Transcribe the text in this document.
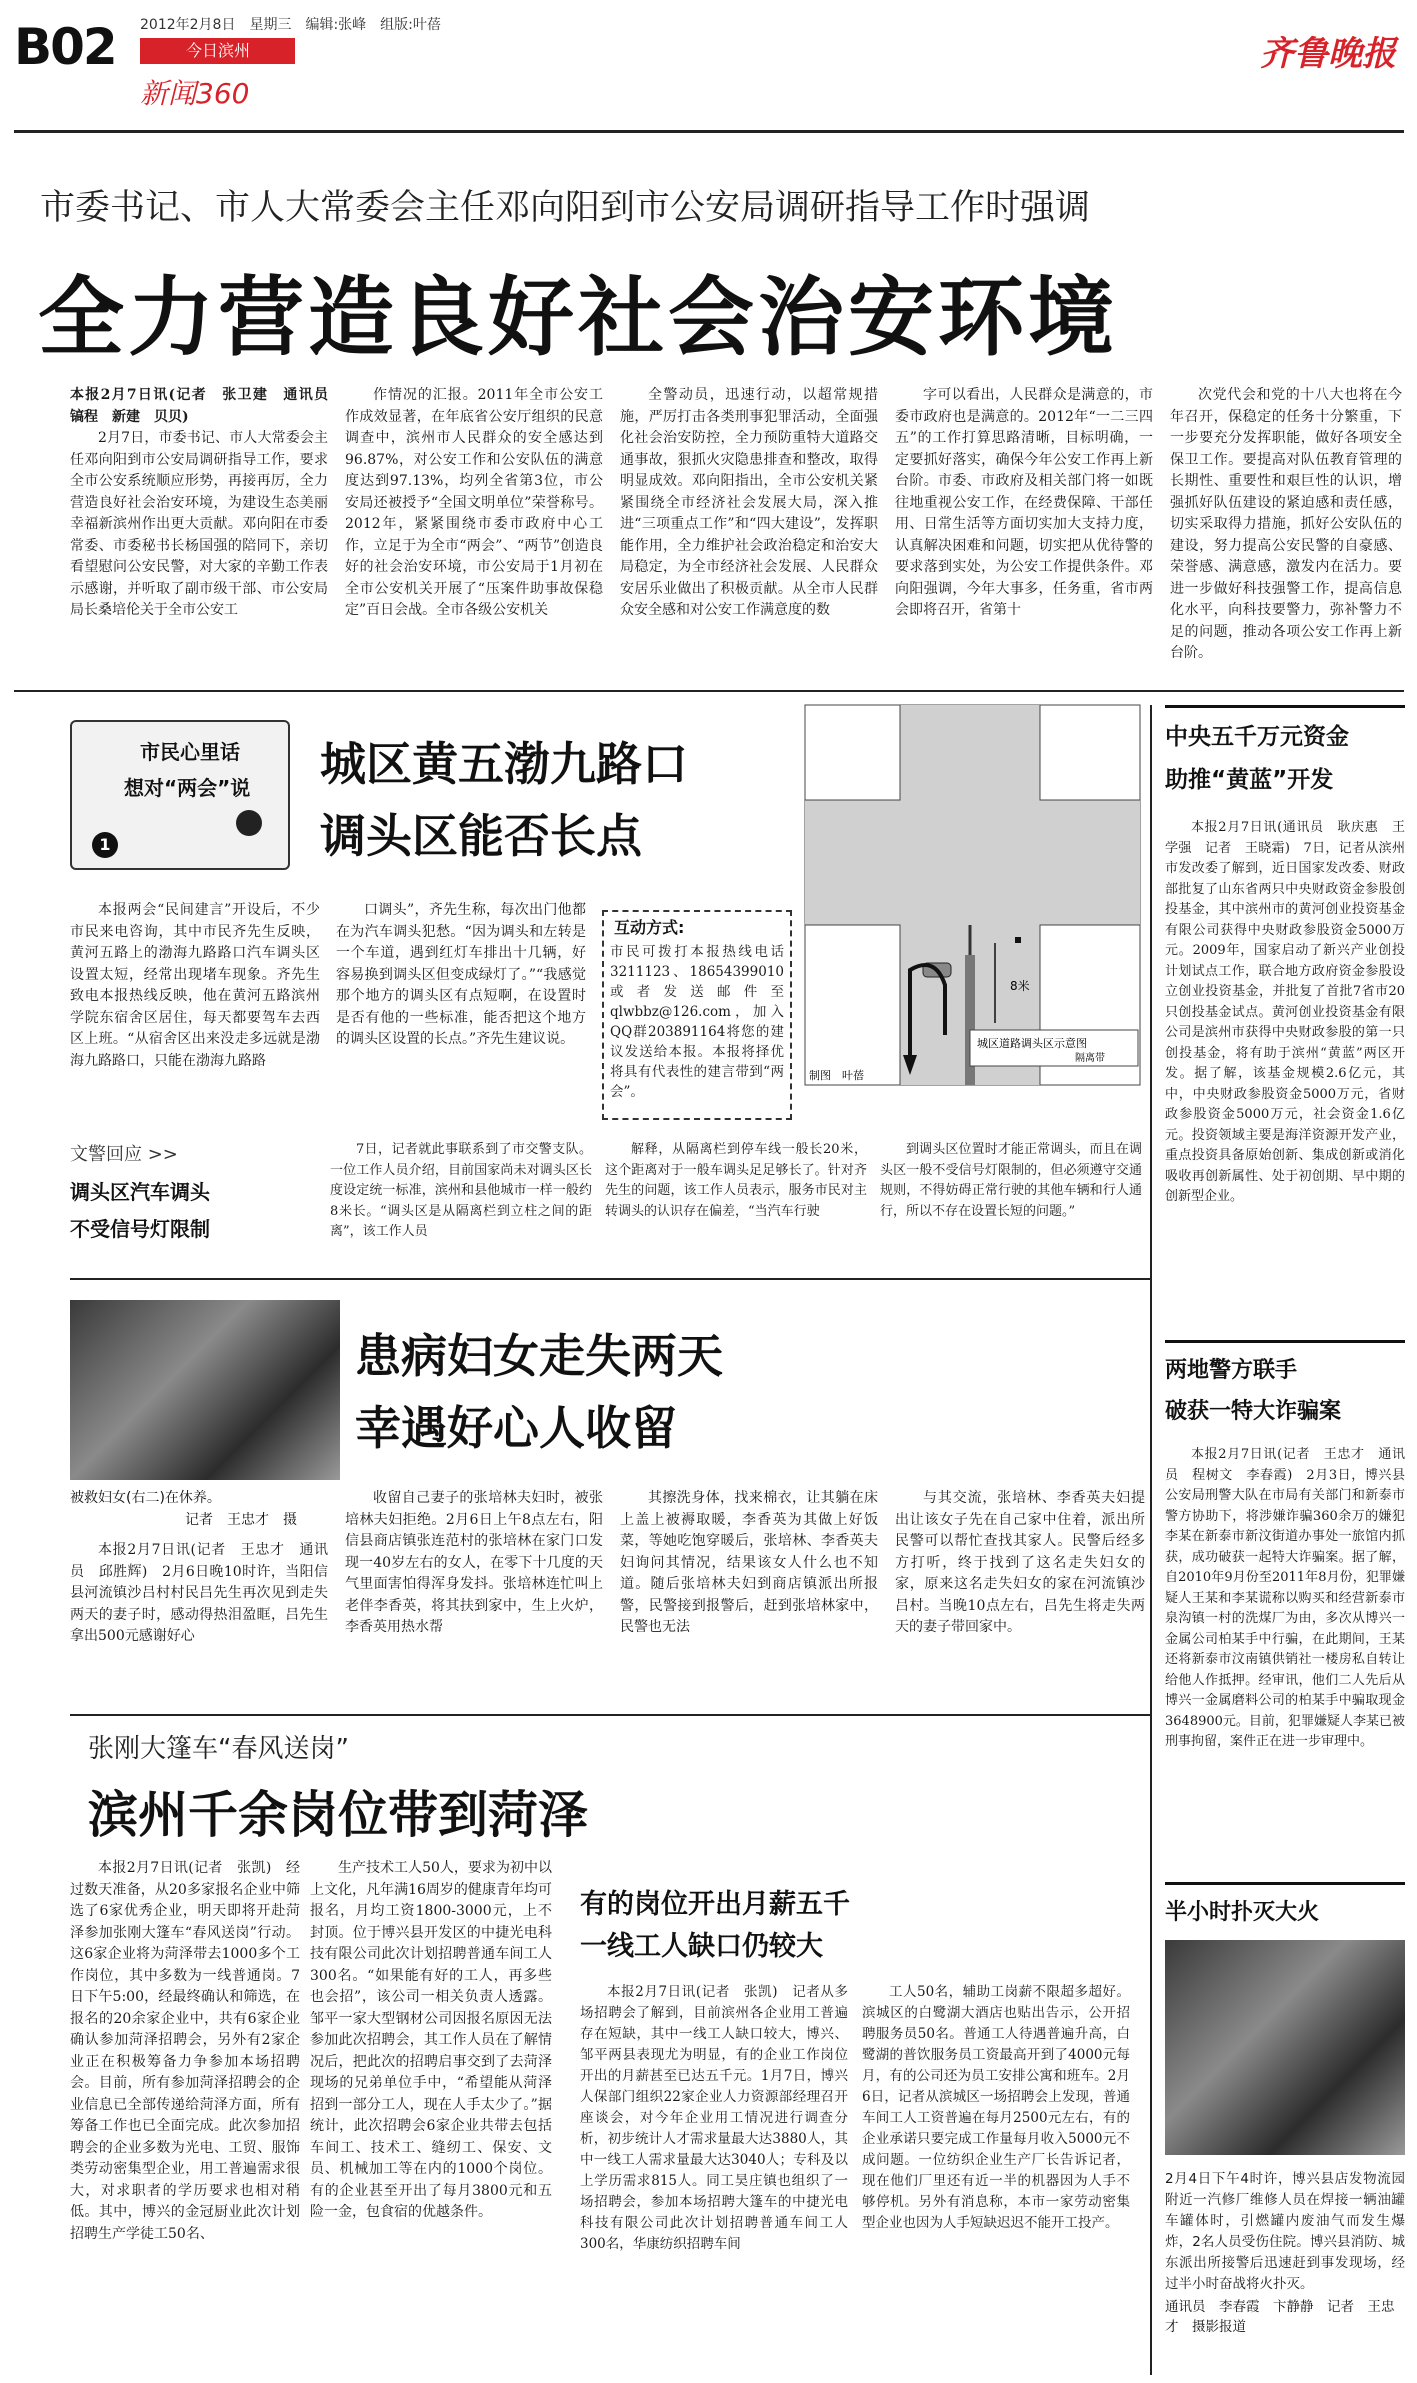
B02 2012年2月8日　星期三　编辑:张峰　组版:叶蓓
今日滨州
新闻360
齐鲁晚报
市委书记、市人大常委会主任邓向阳到市公安局调研指导工作时强调
全力营造良好社会治安环境

本报2月7日讯(记者　张卫建　通讯员　镐程　新建　贝贝)

2月7日，市委书记、市人大常委会主任邓向阳到市公安局调研指导工作，要求全市公安系统顺应形势，再接再厉，全力营造良好社会治安环境，为建设生态美丽幸福新滨州作出更大贡献。邓向阳在市委常委、市委秘书长杨国强的陪同下，亲切看望慰问公安民警，对大家的辛勤工作表示感谢，并听取了副市级干部、市公安局局长桑培伦关于全市公安工

作情况的汇报。2011年全市公安工作成效显著，在年底省公安厅组织的民意调查中，滨州市人民群众的安全感达到96.87%，对公安工作和公安队伍的满意度达到97.13%，均列全省第3位，市公安局还被授予“全国文明单位”荣誉称号。2012年，紧紧围绕市委市政府中心工作，立足于为全市“两会”、“两节”创造良好的社会治安环境，市公安局于1月初在全市公安机关开展了“压案件助事故保稳定”百日会战。全市各级公安机关

全警动员，迅速行动，以超常规措施，严厉打击各类刑事犯罪活动，全面强化社会治安防控，全力预防重特大道路交通事故，狠抓火灾隐患排查和整改，取得明显成效。邓向阳指出，全市公安机关紧紧围绕全市经济社会发展大局，深入推进“三项重点工作”和“四大建设”，发挥职能作用，全力维护社会政治稳定和治安大局稳定，为全市经济社会发展、人民群众安居乐业做出了积极贡献。从全市人民群众安全感和对公安工作满意度的数

字可以看出，人民群众是满意的，市委市政府也是满意的。2012年“一二三四五”的工作打算思路清晰，目标明确，一定要抓好落实，确保今年公安工作再上新台阶。市委、市政府及相关部门将一如既往地重视公安工作，在经费保障、干部任用、日常生活等方面切实加大支持力度，认真解决困难和问题，切实把从优待警的要求落到实处，为公安工作提供条件。邓向阳强调，今年大事多，任务重，省市两会即将召开，省第十

次党代会和党的十八大也将在今年召开，保稳定的任务十分繁重，下一步要充分发挥职能，做好各项安全保卫工作。要提高对队伍教育管理的长期性、重要性和艰巨性的认识，增强抓好队伍建设的紧迫感和责任感，切实采取得力措施，抓好公安队伍的建设，努力提高公安民警的自豪感、荣誉感、满意感，激发内在活力。要进一步做好科技强警工作，提高信息化水平，向科技要警力，弥补警力不足的问题，推动各项公安工作再上新台阶。

市民心里话
想对“两会”说
1
城区黄五渤九路口
调头区能否长点

本报两会“民间建言”开设后，不少市民来电咨询，其中市民齐先生反映，黄河五路上的渤海九路路口汽车调头区设置太短，经常出现堵车现象。齐先生致电本报热线反映，他在黄河五路滨州学院东宿舍区居住，每天都要驾车去西区上班。“从宿舍区出来没走多远就是渤海九路路口，只能在渤海九路路

口调头”，齐先生称，每次出门他都在为汽车调头犯愁。“因为调头和左转是一个车道，遇到红灯车排出十几辆，好容易换到调头区但变成绿灯了。”“我感觉那个地方的调头区有点短啊，在设置时是否有他的一些标准，能否把这个地方的调头区设置的长点。”齐先生建议说。

互动方式:
市民可拨打本报热线电话3211123、18654399010或者发送邮件至qlwbbz@126.com，加入QQ群203891164将您的建议发送给本报。本报将择优将具有代表性的建言带到“两会”。
8米
城区道路调头区示意图
隔离带
制图　叶蓓
文警回应 >>
调头区汽车调头
不受信号灯限制

7日，记者就此事联系到了市交警支队。一位工作人员介绍，目前国家尚未对调头区长度设定统一标准，滨州和县他城市一样一般约8米长。“调头区是从隔离栏到立柱之间的距离”，该工作人员

解释，从隔离栏到停车线一般长20米，这个距离对于一般车调头足足够长了。针对齐先生的问题，该工作人员表示，服务市民对主转调头的认识存在偏差，“当汽车行驶

到调头区位置时才能正常调头，而且在调头区一般不受信号灯限制的，但必须遵守交通规则，不得妨碍正常行驶的其他车辆和行人通行，所以不存在设置长短的问题。”

患病妇女走失两天
幸遇好心人收留
被救妇女(右二)在休养。
记者　王忠才　摄

本报2月7日讯(记者　王忠才　通讯员　邱胜辉)　2月6日晚10时许，当阳信县河流镇沙吕村村民吕先生再次见到走失两天的妻子时，感动得热泪盈眶，吕先生拿出500元感谢好心

收留自己妻子的张培林夫妇时，被张培林夫妇拒绝。2月6日上午8点左右，阳信县商店镇张连范村的张培林在家门口发现一40岁左右的女人，在零下十几度的天气里面害怕得浑身发抖。张培林连忙叫上老伴李香英，将其扶到家中，生上火炉，李香英用热水帮

其擦洗身体，找来棉衣，让其躺在床上盖上被褥取暖，李香英为其做上好饭菜，等她吃饱穿暖后，张培林、李香英夫妇询问其情况，结果该女人什么也不知道。随后张培林夫妇到商店镇派出所报警，民警接到报警后，赶到张培林家中，民警也无法

与其交流，张培林、李香英夫妇提出让该女子先在自己家中住着，派出所民警可以帮忙查找其家人。民警后经多方打听，终于找到了这名走失妇女的家，原来这名走失妇女的家在河流镇沙吕村。当晚10点左右，吕先生将走失两天的妻子带回家中。

张刚大篷车“春风送岗”
滨州千余岗位带到菏泽

本报2月7日讯(记者　张凯)　经过数天准备，从20多家报名企业中筛选了6家优秀企业，明天即将开赴菏泽参加张刚大篷车“春风送岗”行动。这6家企业将为菏泽带去1000多个工作岗位，其中多数为一线普通岗。7日下午5:00，经最终确认和筛选，在报名的20余家企业中，共有6家企业确认参加菏泽招聘会，另外有2家企业正在积极筹备力争参加本场招聘会。目前，所有参加菏泽招聘会的企业信息已全部传递给菏泽方面，所有筹备工作也已全面完成。此次参加招聘会的企业多数为光电、工贸、服饰类劳动密集型企业，用工普遍需求很大，对求职者的学历要求也相对稍低。其中，博兴的金冠厨业此次计划招聘生产学徒工50名、

生产技术工人50人，要求为初中以上文化，凡年满16周岁的健康青年均可报名，月均工资1800-3000元，上不封顶。位于博兴县开发区的中捷光电科技有限公司此次计划招聘普通车间工人300名。“如果能有好的工人，再多些也会招”，该公司一相关负责人透露。邹平一家大型钢材公司因报名原因无法参加此次招聘会，其工作人员在了解情况后，把此次的招聘启事交到了去菏泽现场的兄弟单位手中，“希望能从菏泽招到一部分工人，现在人手太少了。”据统计，此次招聘会6家企业共带去包括车间工、技术工、缝纫工、保安、文员、机械加工等在内的1000个岗位。有的企业甚至开出了每月3800元和五险一金，包食宿的优越条件。

有的岗位开出月薪五千
一线工人缺口仍较大

本报2月7日讯(记者　张凯)　记者从多场招聘会了解到，目前滨州各企业用工普遍存在短缺，其中一线工人缺口较大，博兴、邹平两县表现尤为明显，有的企业工作岗位开出的月薪甚至已达五千元。1月7日，博兴人保部门组织22家企业人力资源部经理召开座谈会，对今年企业用工情况进行调查分析，初步统计人才需求量最大达3880人，其中一线工人需求量最大达3040人；专科及以上学历需求815人。同工昊庄镇也组织了一场招聘会，参加本场招聘大篷车的中捷光电科技有限公司此次计划招聘普通车间工人300名，华康纺织招聘车间

工人50名，辅助工岗薪不限超多超好。滨城区的白鹭湖大酒店也贴出告示，公开招聘服务员50名。普通工人待遇普遍升高，白鹭湖的普饮服务员工资最高开到了4000元每月，有的公司还为员工安排公寓和班车。2月6日，记者从滨城区一场招聘会上发现，普通车间工人工资普遍在每月2500元左右，有的企业承诺只要完成工作量每月收入5000元不成问题。一位纺织企业生产厂长告诉记者，现在他们厂里还有近一半的机器因为人手不够停机。另外有消息称，本市一家劳动密集型企业也因为人手短缺迟迟不能开工投产。

中央五千万元资金
助推“黄蓝”开发

本报2月7日讯(通讯员　耿庆惠　王学强　记者　王晓霜)　7日，记者从滨州市发改委了解到，近日国家发改委、财政部批复了山东省两只中央财政资金参股创投基金，其中滨州市的黄河创业投资基金有限公司获得中央财政参股资金5000万元。2009年，国家启动了新兴产业创投计划试点工作，联合地方政府资金参股设立创业投资基金，并批复了首批7省市20只创投基金试点。黄河创业投资基金有限公司是滨州市获得中央财政参股的第一只创投基金，将有助于滨州“黄蓝”两区开发。据了解，该基金规模2.6亿元，其中，中央财政参股资金5000万元，省财政参股资金5000万元，社会资金1.6亿元。投资领域主要是海洋资源开发产业，重点投资具备原始创新、集成创新或消化吸收再创新属性、处于初创期、早中期的创新型企业。

两地警方联手
破获一特大诈骗案

本报2月7日讯(记者　王忠才　通讯员　程树文　李春霞)　2月3日，博兴县公安局刑警大队在市局有关部门和新泰市警方协助下，将涉嫌诈骗360余万的嫌犯李某在新泰市新汶街道办事处一旅馆内抓获，成功破获一起特大诈骗案。据了解，自2010年9月份至2011年8月份，犯罪嫌疑人王某和李某谎称以购买和经营新泰市泉沟镇一村的洗煤厂为由，多次从博兴一金属公司柏某手中行骗，在此期间，王某还将新泰市汶南镇供销社一楼房私自转让给他人作抵押。经审讯，他们二人先后从博兴一金属磨料公司的柏某手中骗取现金3648900元。目前，犯罪嫌疑人李某已被刑事拘留，案件正在进一步审理中。

半小时扑灭大火
2月4日下午4时许，博兴县店发物流园附近一汽修厂维修人员在焊接一辆油罐车罐体时，引燃罐内废油气而发生爆炸，2名人员受伤住院。博兴县消防、城东派出所接警后迅速赶到事发现场，经过半小时奋战将火扑灭。
通讯员　李春霞　卞静静　记者　王忠才　摄影报道
